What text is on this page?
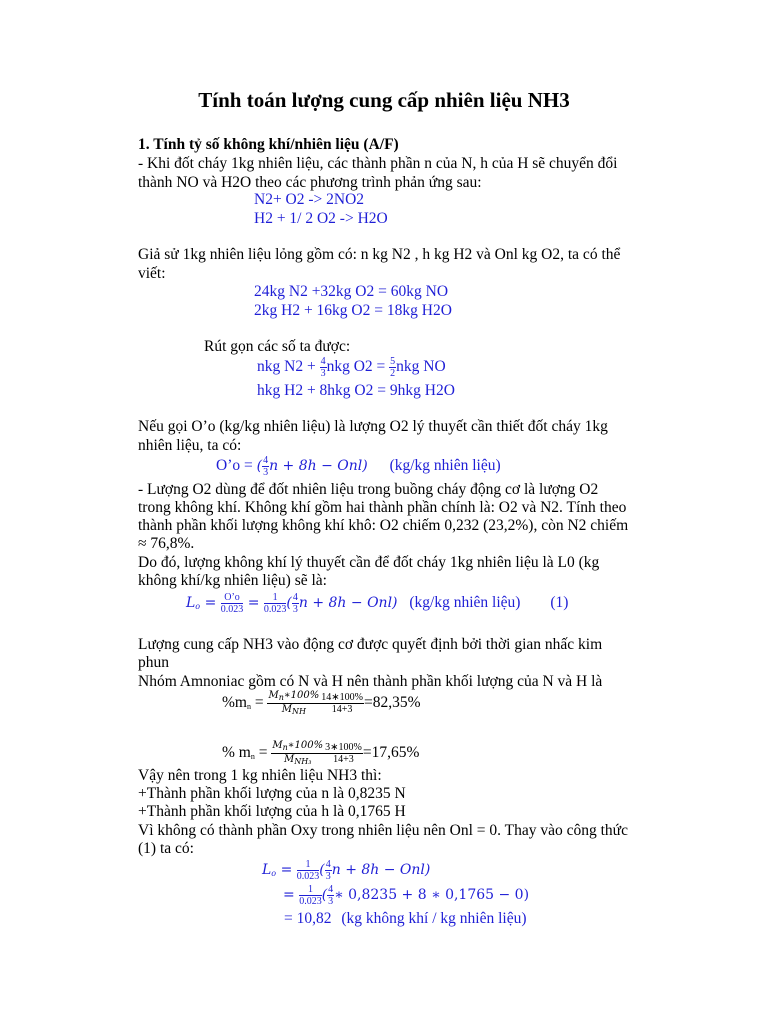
Tính toán lượng cung cấp nhiên liệu NH3
1. Tính tỷ số không khí/nhiên liệu (A/F)
- Khi đốt cháy 1kg nhiên liệu, các thành phần n của N, h của H sẽ chuyển đổi
thành NO và H2O theo các phương trình phản ứng sau:
N2+ O2 -> 2NO2
H2 + 1/ 2 O2 -> H2O
Giả sử 1kg nhiên liệu lỏng gồm có: n kg N2 , h kg H2 và Onl kg O2, ta có thể
viết:
24kg N2 +32kg O2 = 60kg NO
2kg H2 + 16kg O2 = 18kg H2O
Rút gọn các số ta được:
nkg $N2 + \frac{4}{3}$ nkg $O2 = \frac{5}{2}$ nkg NO
hkg H2 + 8hkg O2 = 9hkg H2O
Nếu gọi O’o (kg/kg nhiên liệu) là lượng O2 lý thuyết cần thiết đốt cháy 1kg
nhiên liệu, ta có:
O’o = ( $\frac{4}{3}$ n + 8h − Onl) (kg/kg nhiên liệu)
- Lượng O2 dùng để đốt nhiên liệu trong buồng cháy động cơ là lượng O2
trong không khí. Không khí gồm hai thành phần chính là: O2 và N2. Tính theo
thành phần khối lượng không khí khô: O2 chiếm 0,232 (23,2%), còn N2 chiếm
≈ 76,8%.
Do đó, lượng không khí lý thuyết cần để đốt cháy 1kg nhiên liệu là L0 (kg
không khí/kg nhiên liệu) sẽ là:
$L_o = \frac{O’o}{0.023} = \frac{1}{0.023}$ ( $\frac{4}{3}$ n + 8h − Onl) (kg/kg nhiên liệu) (1)
Lượng cung cấp NH3 vào động cơ được quyết định bởi thời gian nhấc kim
phun
Nhóm Amnoniac gồm có N và H nên thành phần khối lượng của N và H là
$\%m_n$ = $M_n∗100\%$
$M_{NH}$	$\frac{14∗100\%}{14+3} =82,35\%$
% $m_n$ = $M_n∗100\%$
$M_{NH_3}$	$\frac{3∗100\%}{14+3} =17,65\%$
Vậy nên trong 1 kg nhiên liệu NH3 thì:
+Thành phần khối lượng của n là 0,8235 N
+Thành phần khối lượng của h là 0,1765 H
Vì không có thành phần Oxy trong nhiên liệu nên Onl = 0. Thay vào công thức
(1) ta có:
$L_o = \frac{1}{0.023}$ ( $\frac{4}{3}$ n + 8h − Onl)
= $\frac{1}{0.023}$ ( $\frac{4}{3}$ ∗ 0,8235 + 8 ∗ 0,1765 − 0)
= 10,82 (kg không khí / kg nhiên liệu)
